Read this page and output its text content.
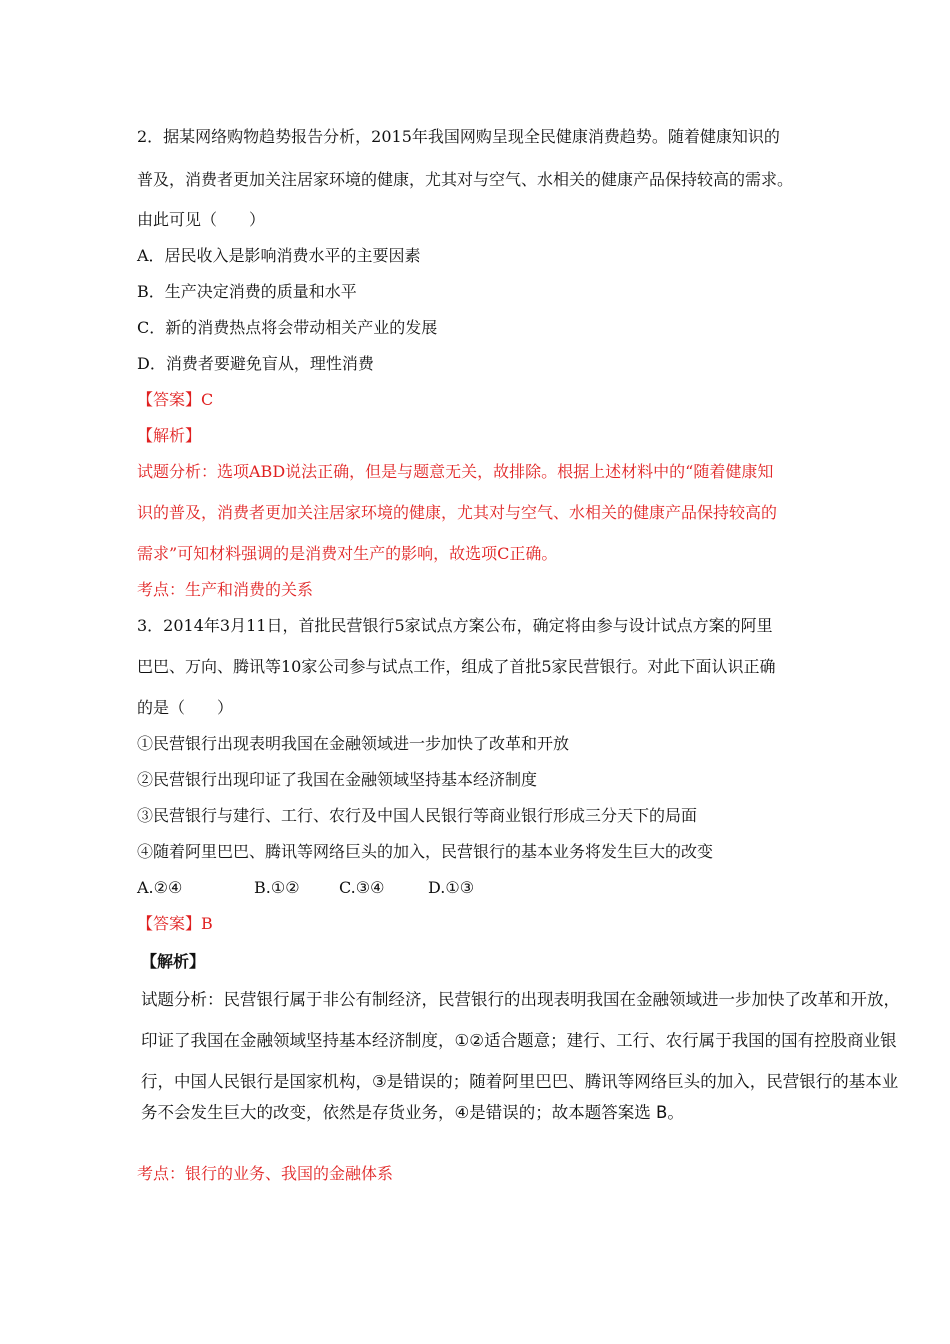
2．据某网络购物趋势报告分析，2015年我国网购呈现全民健康消费趋势。随着健康知识的
普及，消费者更加关注居家环境的健康，尤其对与空气、水相关的健康产品保持较高的需求。
由此可见（　　）
A．居民收入是影响消费水平的主要因素
B．生产决定消费的质量和水平
C．新的消费热点将会带动相关产业的发展
D．消费者要避免盲从，理性消费
【答案】C
【解析】
试题分析：选项ABD说法正确，但是与题意无关，故排除。根据上述材料中的“随着健康知
识的普及，消费者更加关注居家环境的健康，尤其对与空气、水相关的健康产品保持较高的
需求”可知材料强调的是消费对生产的影响，故选项C正确。
考点：生产和消费的关系
3．2014年3月11日，首批民营银行5家试点方案公布，确定将由参与设计试点方案的阿里
巴巴、万向、腾讯等10家公司参与试点工作，组成了首批5家民营银行。对此下面认识正确
的是（　　）
①民营银行出现表明我国在金融领域进一步加快了改革和开放
②民营银行出现印证了我国在金融领域坚持基本经济制度
③民营银行与建行、工行、农行及中国人民银行等商业银行形成三分天下的局面
④随着阿里巴巴、腾讯等网络巨头的加入，民营银行的基本业务将发生巨大的改变
A.②④	B.①② C.③④	D.①③
【答案】B
【解析】
试题分析：民营银行属于非公有制经济，民营银行的出现表明我国在金融领域进一步加快了改革和开放，
印证了我国在金融领域坚持基本经济制度，①②适合题意；建行、工行、农行属于我国的国有控股商业银
行，中国人民银行是国家机构，③是错误的；随着阿里巴巴、腾讯等网络巨头的加入，民营银行的基本业
务不会发生巨大的改变，依然是存货业务，④是错误的；故本题答案选 B。
考点：银行的业务、我国的金融体系
